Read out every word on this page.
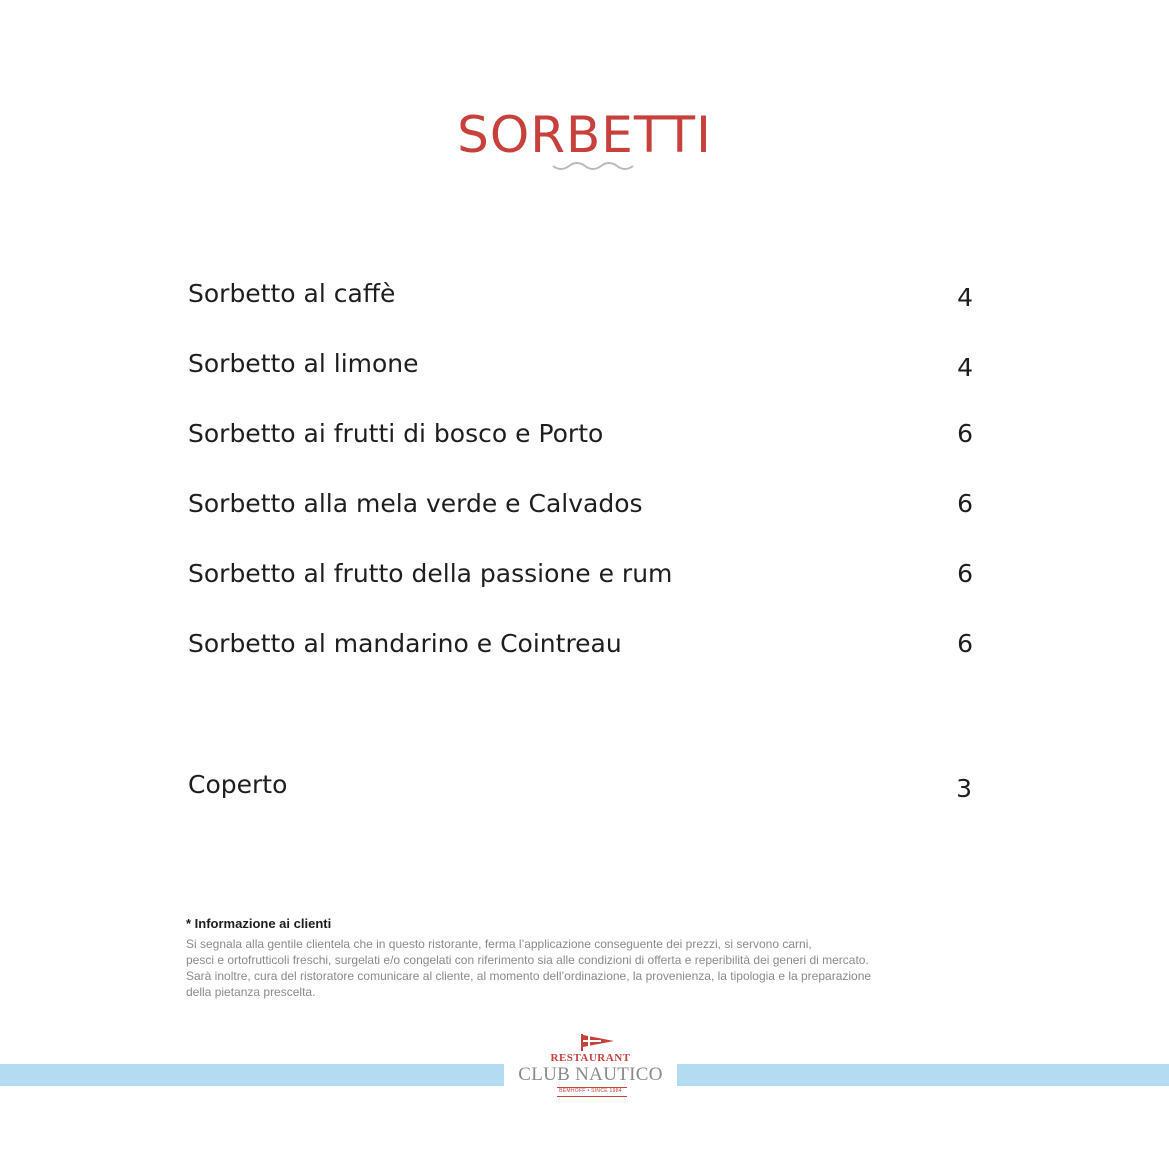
SORBETTI
Sorbetto al caffè	4
Sorbetto al limone	4
Sorbetto ai frutti di bosco e Porto	6
Sorbetto alla mela verde e Calvados	6
Sorbetto al frutto della passione e rum	6
Sorbetto al mandarino e Cointreau	6
Coperto	3

* Informazione ai clienti

Si segnala alla gentile clientela che in questo ristorante, ferma l’applicazione conseguente dei prezzi, si servono carni,

pesci e ortofrutticoli freschi, surgelati e/o congelati con riferimento sia alle condizioni di offerta e reperibilità dei generi di mercato.

Sarà inoltre, cura del ristoratore comunicare al cliente, al momento dell’ordinazione, la provenienza, la tipologia e la preparazione

della pietanza prescelta.

RESTAURANT
CLUB NAUTICO
BEMHOFF • SINCE 1984
